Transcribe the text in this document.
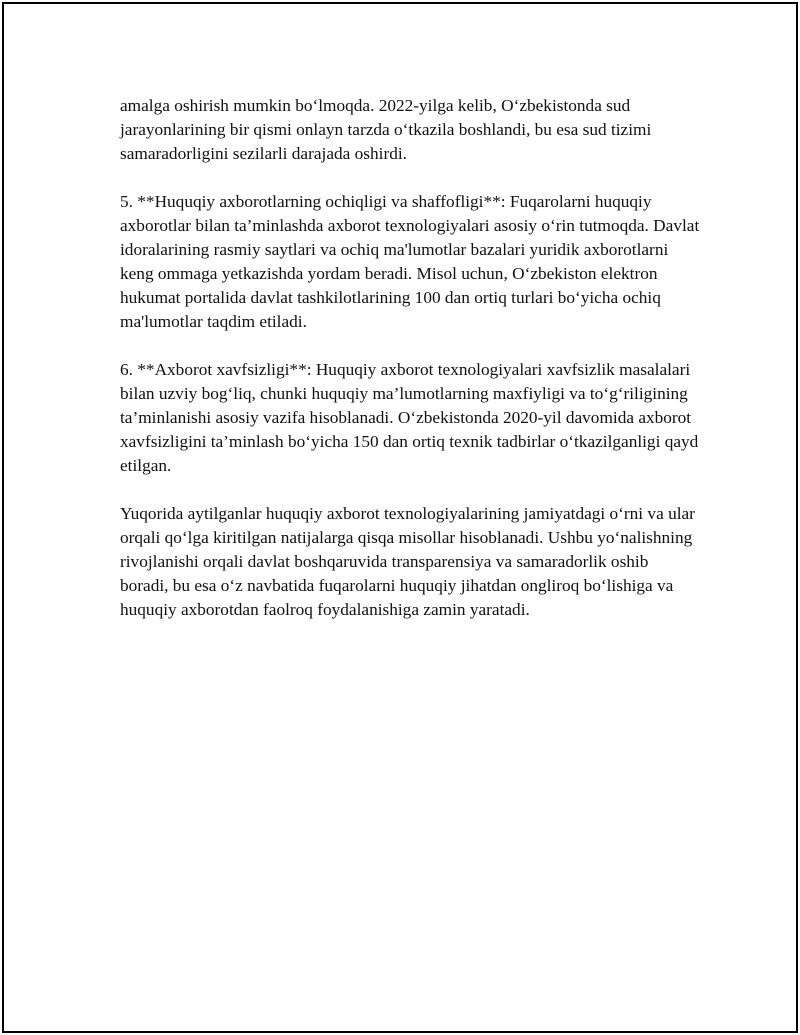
amalga oshirish mumkin bo‘lmoqda. 2022-yilga kelib, O‘zbekistonda sud jarayonlarining bir qismi onlayn tarzda o‘tkazila boshlandi, bu esa sud tizimi samaradorligini sezilarli darajada oshirdi.

5. **Huquqiy axborotlarning ochiqligi va shaffofligi**: Fuqarolarni huquqiy axborotlar bilan ta’minlashda axborot texnologiyalari asosiy o‘rin tutmoqda. Davlat idoralarining rasmiy saytlari va ochiq ma'lumotlar bazalari yuridik axborotlarni keng ommaga yetkazishda yordam beradi. Misol uchun, O‘zbekiston elektron hukumat portalida davlat tashkilotlarining 100 dan ortiq turlari bo‘yicha ochiq ma'lumotlar taqdim etiladi.

6. **Axborot xavfsizligi**: Huquqiy axborot texnologiyalari xavfsizlik masalalari bilan uzviy bog‘liq, chunki huquqiy ma’lumotlarning maxfiyligi va to‘g‘riligining ta’minlanishi asosiy vazifa hisoblanadi. O‘zbekistonda 2020-yil davomida axborot xavfsizligini ta’minlash bo‘yicha 150 dan ortiq texnik tadbirlar o‘tkazilganligi qayd etilgan.

Yuqorida aytilganlar huquqiy axborot texnologiyalarining jamiyatdagi o‘rni va ular orqali qo‘lga kiritilgan natijalarga qisqa misollar hisoblanadi. Ushbu yo‘nalishning rivojlanishi orqali davlat boshqaruvida transparensiya va samaradorlik oshib boradi, bu esa o‘z navbatida fuqarolarni huquqiy jihatdan ongliroq bo‘lishiga va huquqiy axborotdan faolroq foydalanishiga zamin yaratadi.
